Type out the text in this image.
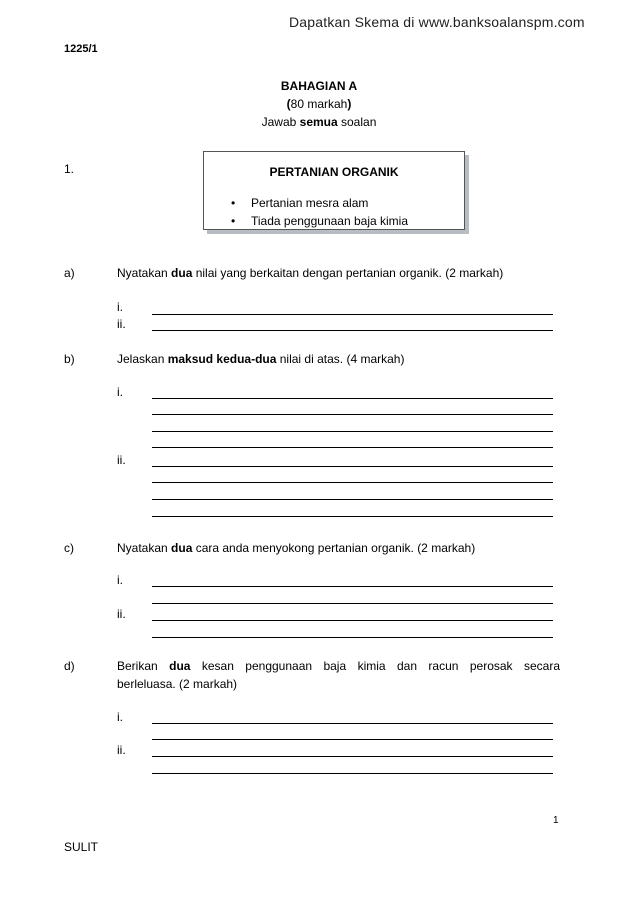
Dapatkan Skema di www.banksoalanspm.com
1225/1
BAHAGIAN A
(80 markah)
Jawab semua soalan
1.	PERTANIAN ORGANIK
• Pertanian mesra alam
• Tiada penggunaan baja kimia
a)	Nyatakan dua nilai yang berkaitan dengan pertanian organik. (2 markah)
i.
ii.
b)	Jelaskan maksud kedua-dua nilai di atas. (4 markah)
i.
ii.
c)	Nyatakan dua cara anda menyokong pertanian organik. (2 markah)
i.
ii.
d)	Berikan dua kesan penggunaan baja kimia dan racun perosak secara
berleluasa. (2 markah)
i.
ii.
1
SULIT
